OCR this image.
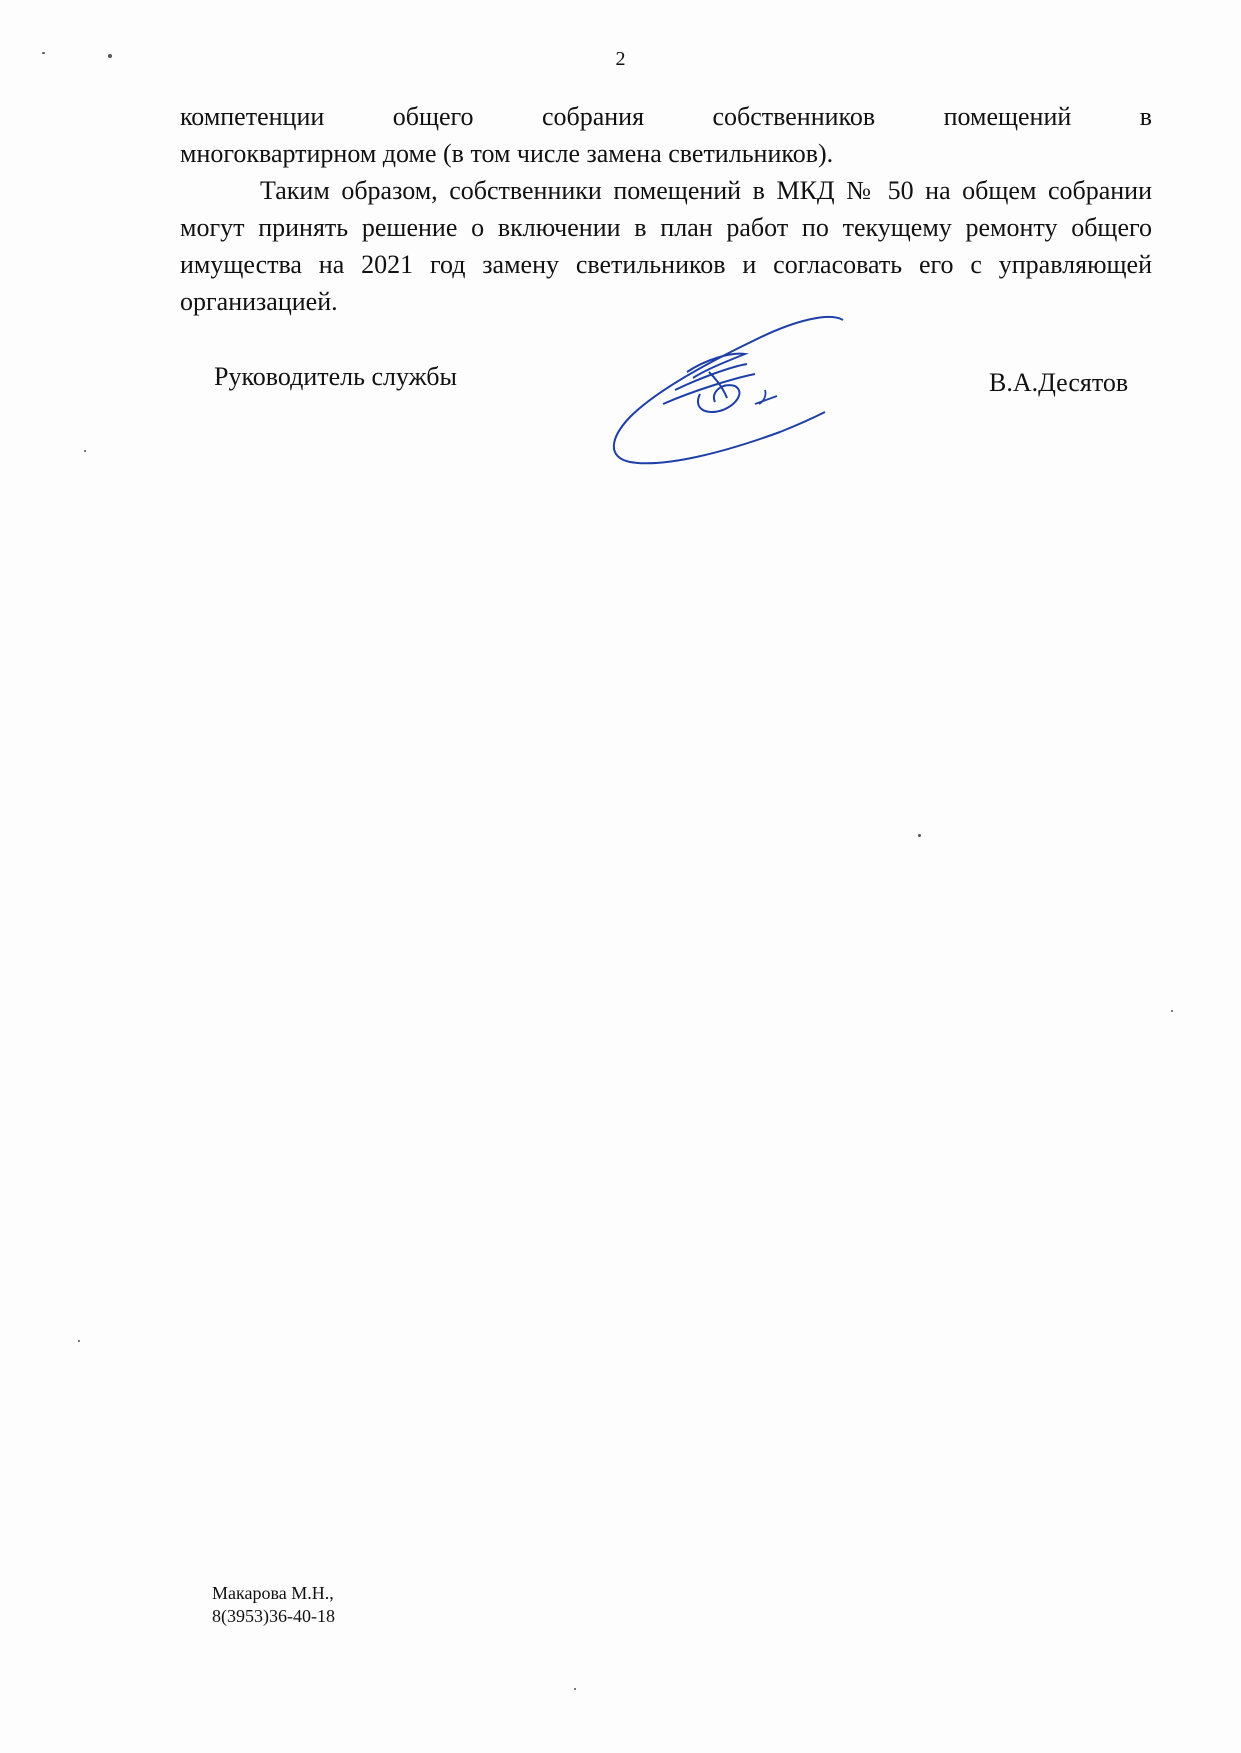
2

компетенции общего собрания собственников помещений в

многоквартирном доме (в том числе замена светильников).

Таким образом, собственники помещений в МКД № 50 на общем собрании могут принять решение о включении в план работ по текущему ремонту общего имущества на 2021 год замену светильников и согласовать его с управляющей организацией.

Руководитель службы	В.А.Десятов
Макарова М.Н.,
8(3953)36-40-18
